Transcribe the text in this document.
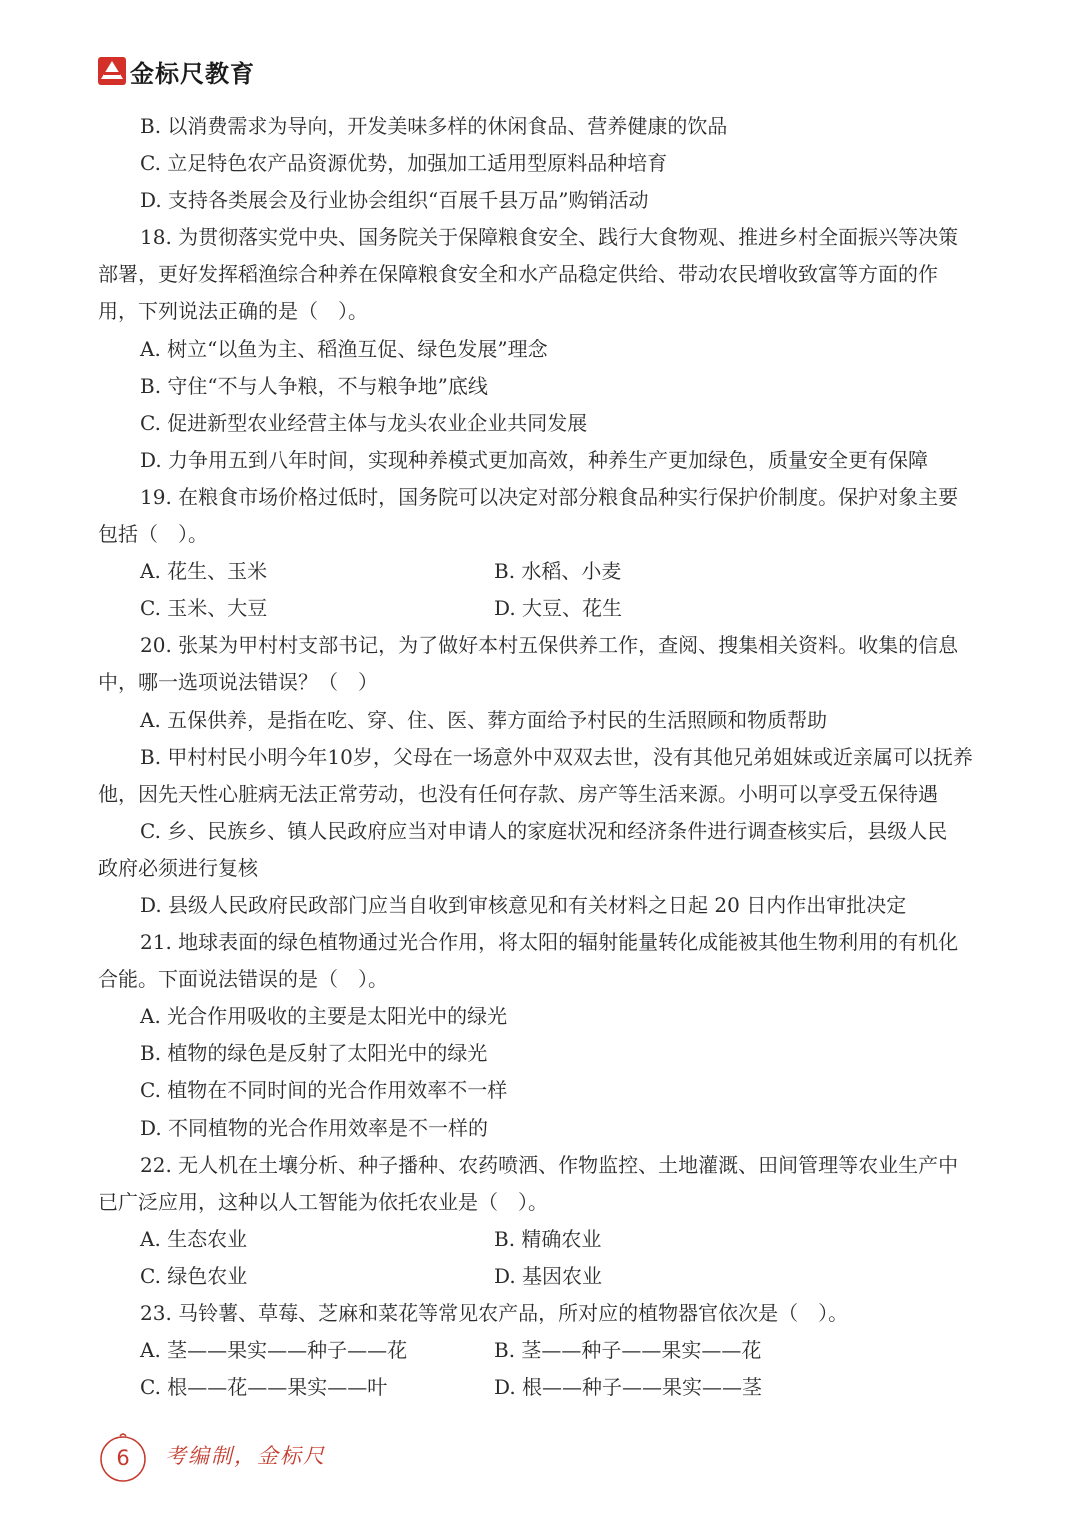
金标尺教育
B. 以消费需求为导向，开发美味多样的休闲食品、营养健康的饮品
C. 立足特色农产品资源优势，加强加工适用型原料品种培育
D. 支持各类展会及行业协会组织“百展千县万品”购销活动
18. 为贯彻落实党中央、国务院关于保障粮食安全、践行大食物观、推进乡村全面振兴等决策
部署，更好发挥稻渔综合种养在保障粮食安全和水产品稳定供给、带动农民增收致富等方面的作
用，下列说法正确的是（　）。
A. 树立“以鱼为主、稻渔互促、绿色发展”理念
B. 守住“不与人争粮，不与粮争地”底线
C. 促进新型农业经营主体与龙头农业企业共同发展
D. 力争用五到八年时间，实现种养模式更加高效，种养生产更加绿色，质量安全更有保障
19. 在粮食市场价格过低时，国务院可以决定对部分粮食品种实行保护价制度。保护对象主要
包括（　）。
A. 花生、玉米	B. 水稻、小麦
C. 玉米、大豆	D. 大豆、花生
20. 张某为甲村村支部书记，为了做好本村五保供养工作，查阅、搜集相关资料。收集的信息
中，哪一选项说法错误？（　）
A. 五保供养，是指在吃、穿、住、医、葬方面给予村民的生活照顾和物质帮助
B. 甲村村民小明今年10岁，父母在一场意外中双双去世，没有其他兄弟姐妹或近亲属可以抚养
他，因先天性心脏病无法正常劳动，也没有任何存款、房产等生活来源。小明可以享受五保待遇
C. 乡、民族乡、镇人民政府应当对申请人的家庭状况和经济条件进行调查核实后，县级人民
政府必须进行复核
D. 县级人民政府民政部门应当自收到审核意见和有关材料之日起 20 日内作出审批决定
21. 地球表面的绿色植物通过光合作用，将太阳的辐射能量转化成能被其他生物利用的有机化
合能。下面说法错误的是（　）。
A. 光合作用吸收的主要是太阳光中的绿光
B. 植物的绿色是反射了太阳光中的绿光
C. 植物在不同时间的光合作用效率不一样
D. 不同植物的光合作用效率是不一样的
22. 无人机在土壤分析、种子播种、农药喷洒、作物监控、土地灌溉、田间管理等农业生产中
已广泛应用，这种以人工智能为依托农业是（　）。
A. 生态农业	B. 精确农业
C. 绿色农业	D. 基因农业
23. 马铃薯、草莓、芝麻和菜花等常见农产品，所对应的植物器官依次是（　）。
A. 茎——果实——种子——花	B. 茎——种子——果实——花
C. 根——花——果实——叶	D. 根——种子——果实——茎
6	考编制，金标尺
